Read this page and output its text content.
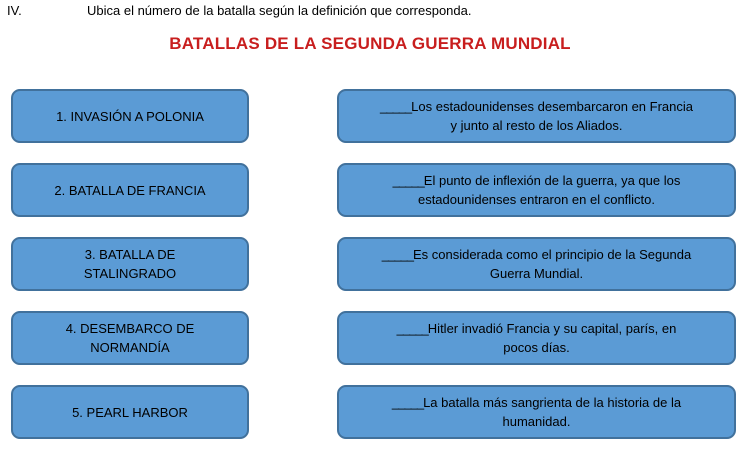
IV.	Ubica el número de la batalla según la definición que corresponda.
BATALLAS DE LA SEGUNDA GUERRA MUNDIAL
1. INVASIÓN A POLONIA
2. BATALLA DE FRANCIA
3. BATALLA DE
STALINGRADO
4. DESEMBARCO DE
NORMANDÍA
5. PEARL HARBOR
_____Los estadounidenses desembarcaron en Francia
y junto al resto de los Aliados.
_____El punto de inflexión de la guerra, ya que los
estadounidenses entraron en el conflicto.
_____Es considerada como el principio de la Segunda
Guerra Mundial.
_____Hitler invadió Francia y su capital, parís, en
pocos días.
_____La batalla más sangrienta de la historia de la
humanidad.
